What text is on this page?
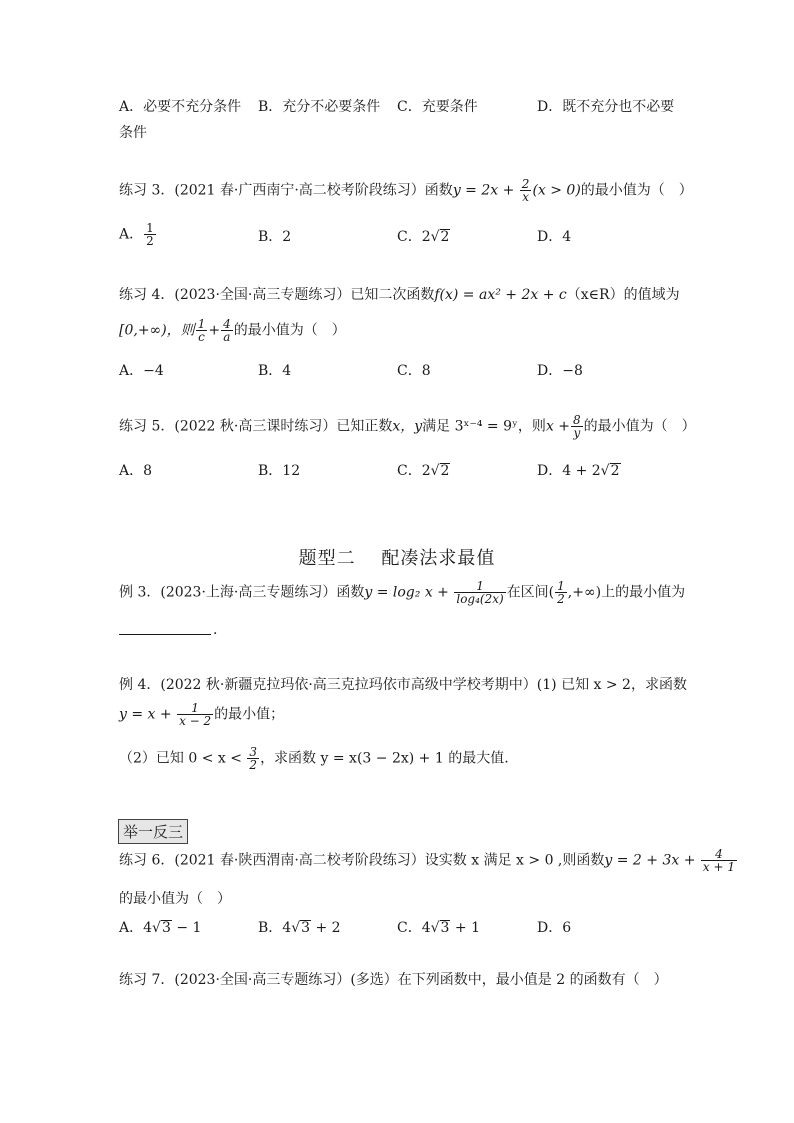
A．必要不充分条件 B．充分不必要条件 C．充要条件	D．既不充分也不必要
条件
练习 3．(2021 春·广西南宁·高二校考阶段练习）函数$y = 2x + \frac{2}{x} (x > 0)$的最小值为（　）
A． $\frac{1}{2}$	B．2	C．2√2	D．4
练习 4．(2023·全国·高三专题练习）已知二次函数f(x) = ax² + 2x + c（x∈R）的值域为
[0,+∞)，则 $\frac{1}{c} + \frac{4}{a}$ 的最小值为（　）
A．−4	B．4	C．8	D．−8
练习 5．(2022 秋·高三课时练习）已知正数x，y满足 3ˣ⁻⁴ = 9ʸ，则$x + \frac{8}{y}$ 的最小值为（　）
A．8	B．12	C．2√2	D．4 + 2√2
题型二　 配凑法求最值
例 3．(2023·上海·高三专题练习）函数y = log₂ $x + \frac{1}{\text{log₄(2x)}}$ 在区间( $\frac{1}{2}$ ,+∞)上的最小值为
.
例 4．(2022 秋·新疆克拉玛依·高三克拉玛依市高级中学校考期中）(1) 已知 x > 2，求函数
$y = x + \frac{1}{x - 2}$ 的最小值；
（2）已知 $0 < x < \frac{3}{2}$ ，求函数 y = x(3 − 2x) + 1 的最大值.
举一反三
练习 6．(2021 春·陕西渭南·高二校考阶段练习）设实数 x 满足 x > 0 ,则函数$y = 2 + 3x + \frac{4}{x + 1}$
的最小值为（　）
A．4√3 − 1	B．4√3 + 2	C．4√3 + 1	D．6
练习 7．(2023·全国·高三专题练习）(多选）在下列函数中，最小值是 2 的函数有（　）
